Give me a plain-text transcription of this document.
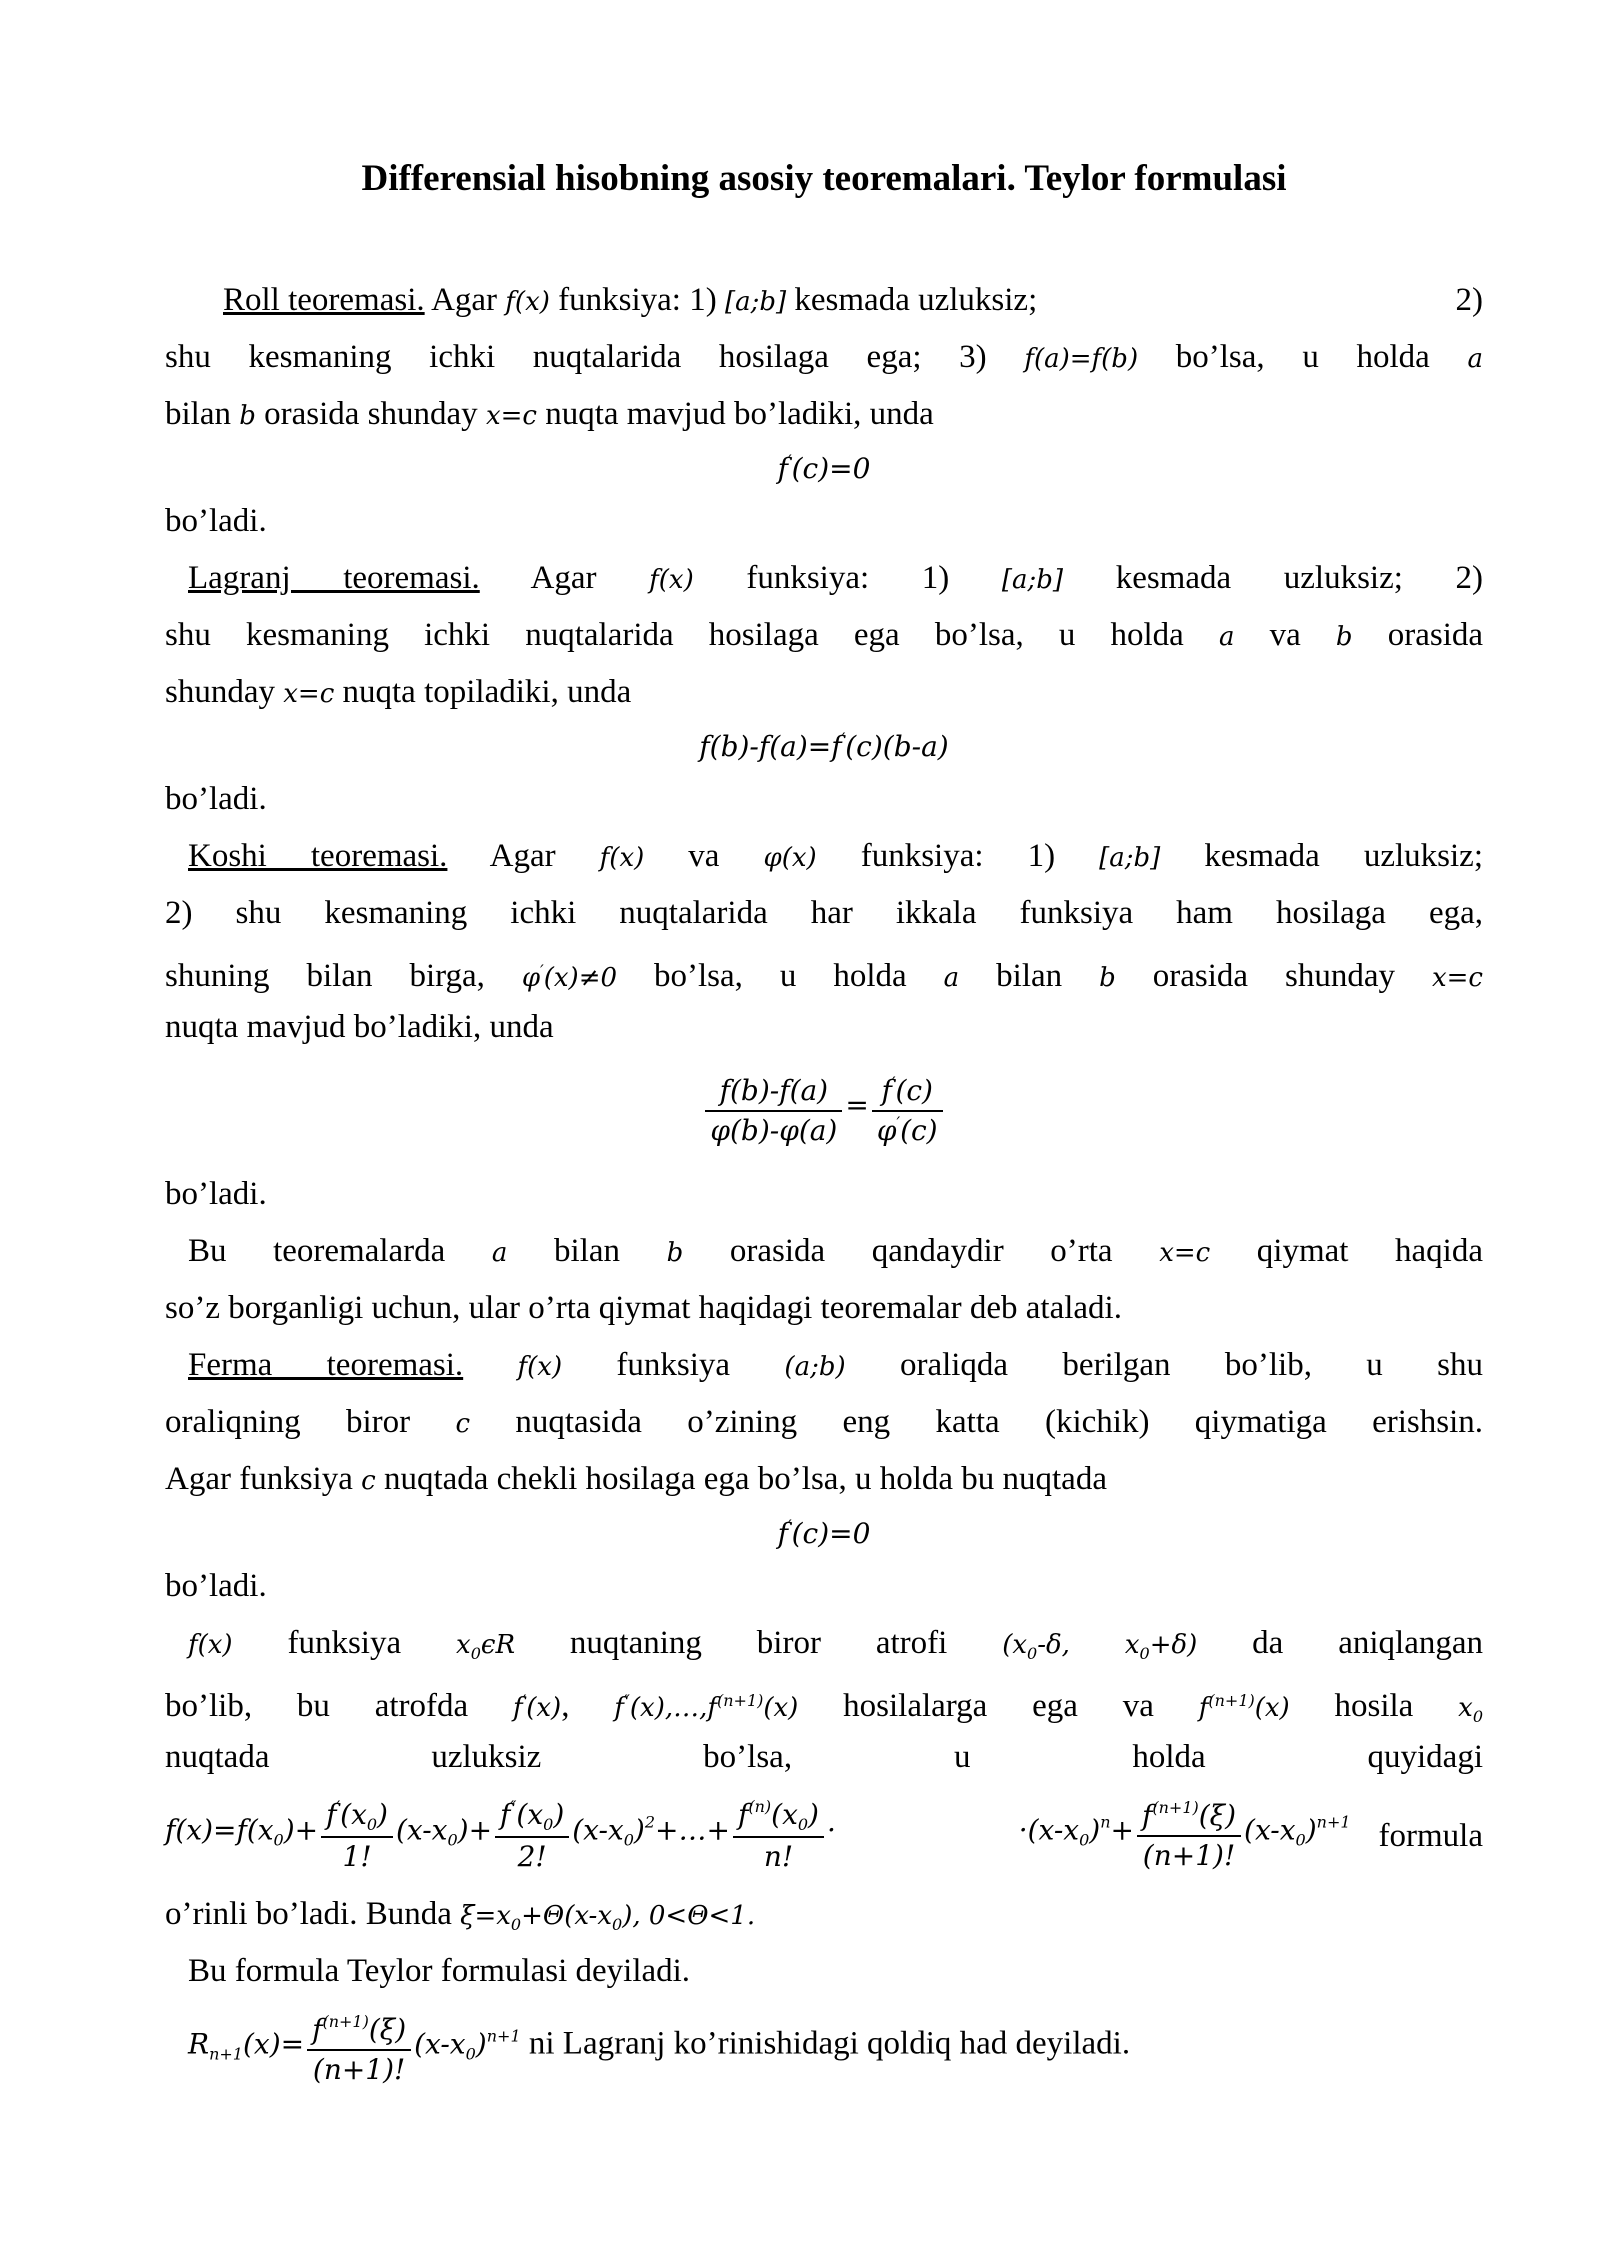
Differensial hisobning asosiy teoremalari. Teylor formulasi
Roll teoremasi. Agar f(x) funksiya: 1) [a;b] kesmada uzluksiz;	2)
shu kesmaning ichki nuqtalarida hosilaga ega; 3) f(a)=f(b) bo’lsa, u holda a
bilan b orasida shunday x=c nuqta mavjud bo’ladiki, unda
f′(c)=0
bo’ladi.
Lagranj teoremasi. Agar f(x) funksiya: 1) [a;b] kesmada uzluksiz; 2)
shu kesmaning ichki nuqtalarida hosilaga ega bo’lsa, u holda a va b orasida
shunday x=c nuqta topiladiki, unda
f(b)-f(a)=f′(c)(b-a)
bo’ladi.
Koshi teoremasi. Agar f(x) va φ(x) funksiya: 1) [a;b] kesmada uzluksiz;
2) shu kesmaning ichki nuqtalarida har ikkala funksiya ham hosilaga ega,
shuning bilan birga, φ′(x)≠0 bo’lsa, u holda a bilan b orasida shunday x=c
nuqta mavjud bo’ladiki, unda
$\frac{f(b)-f(a)}{\varphi(b)-\varphi(a)} = \frac{f'(c)}{\varphi'(c)}$
bo’ladi.
Bu teoremalarda a bilan b orasida qandaydir o’rta x=c qiymat haqida
so’z borganligi uchun, ular o’rta qiymat haqidagi teoremalar deb ataladi.
Ferma teoremasi. f(x) funksiya (a;b) oraliqda berilgan bo’lib, u shu
oraliqning biror c nuqtasida o’zining eng katta (kichik) qiymatiga erishsin.
Agar funksiya c nuqtada chekli hosilaga ega bo’lsa, u holda bu nuqtada
f′(c)=0
bo’ladi.
f(x) funksiya x0ϵR nuqtaning biror atrofi (x0-δ, x0+δ) da aniqlangan
bo’lib, bu atrofda f′(x), $f''(x),\dots,f^{(n+1)}(x)$ hosilalarga ega va $f^{(n+1)}(x)$ hosila x0
nuqtada uzluksiz bo’lsa, u holda quyidagi
$f(x)=f(x0)+ \frac{f'(x0)}{1!} (x-x0)+ \frac{f''(x0)}{2!}$ (x-x0)2+…+ $\frac{f(n)(x0)}{n!}$ ·	$\cdot(x-x0)n+ \frac{f(n+1)(\xi)}{(n+1)!} (x-x0)n+1$ formula
o’rinli bo’ladi. Bunda ξ=x0+Θ(x-x0), 0<Θ<1.
Bu formula Teylor formulasi deyiladi.
$Rn+1(x)= \frac{f(n+1)(\xi)}{(n+1)!} (x-x0)n+1$ ni Lagranj ko’rinishidagi qoldiq had deyiladi.
